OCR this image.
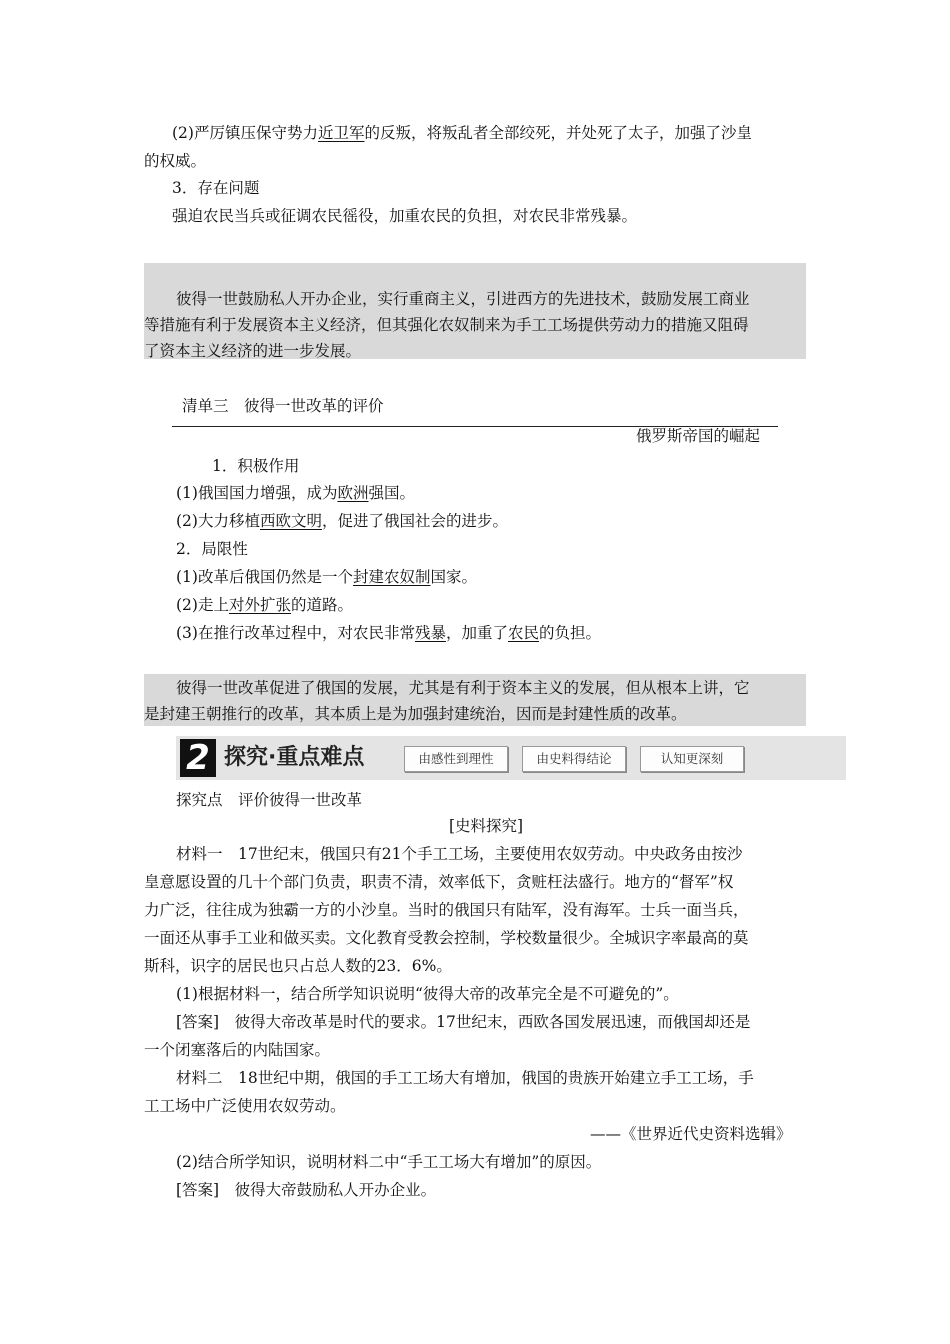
(2)严厉镇压保守势力近卫军的反叛，将叛乱者全部绞死，并处死了太子，加强了沙皇
的权威。
3．存在问题
强迫农民当兵或征调农民徭役，加重农民的负担，对农民非常残暴。
彼得一世鼓励私人开办企业，实行重商主义，引进西方的先进技术，鼓励发展工商业
等措施有利于发展资本主义经济，但其强化农奴制来为手工工场提供劳动力的措施又阻碍
了资本主义经济的进一步发展。
清单三　彼得一世改革的评价
俄罗斯帝国的崛起
1．积极作用
(1)俄国国力增强，成为欧洲强国。
(2)大力移植西欧文明，促进了俄国社会的进步。
2．局限性
(1)改革后俄国仍然是一个封建农奴制国家。
(2)走上对外扩张的道路。
(3)在推行改革过程中，对农民非常残暴，加重了农民的负担。
彼得一世改革促进了俄国的发展，尤其是有利于资本主义的发展，但从根本上讲，它
是封建王朝推行的改革，其本质上是为加强封建统治，因而是封建性质的改革。
2 探究·重点难点	由感性到理性	由史料得结论	认知更深刻
探究点　评价彼得一世改革
[史料探究]
材料一　17世纪末，俄国只有21个手工工场，主要使用农奴劳动。中央政务由按沙
皇意愿设置的几十个部门负责，职责不清，效率低下，贪赃枉法盛行。地方的“督军”权
力广泛，往往成为独霸一方的小沙皇。当时的俄国只有陆军，没有海军。士兵一面当兵，
一面还从事手工业和做买卖。文化教育受教会控制，学校数量很少。全城识字率最高的莫
斯科，识字的居民也只占总人数的23．6%。
(1)根据材料一，结合所学知识说明“彼得大帝的改革完全是不可避免的”。
[答案]　彼得大帝改革是时代的要求。17世纪末，西欧各国发展迅速，而俄国却还是
一个闭塞落后的内陆国家。
材料二　18世纪中期，俄国的手工工场大有增加，俄国的贵族开始建立手工工场，手
工工场中广泛使用农奴劳动。
——《世界近代史资料选辑》
(2)结合所学知识，说明材料二中“手工工场大有增加”的原因。
[答案]　彼得大帝鼓励私人开办企业。
